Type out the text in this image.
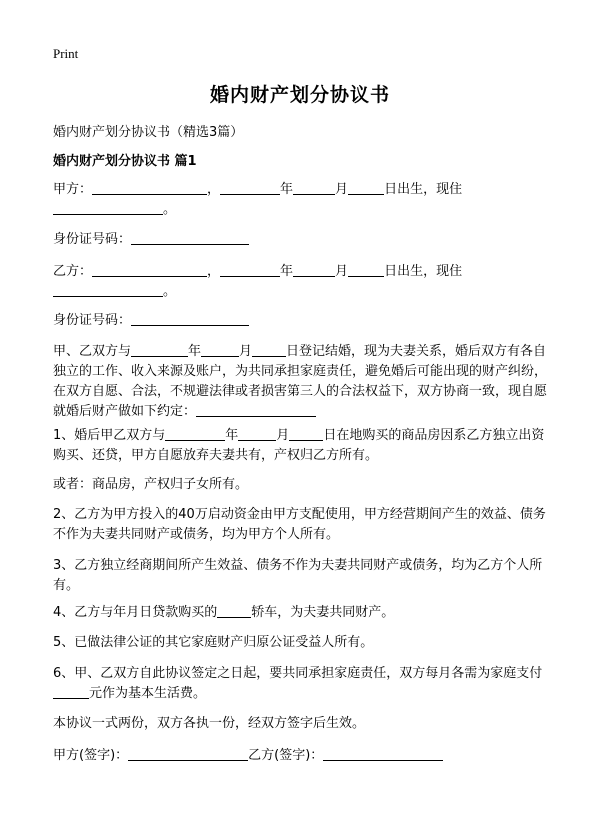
Print
婚内财产划分协议书
婚内财产划分协议书（精选3篇）
婚内财产划分协议书 篇1

甲方：	，	年	月	日出生，现住
。

身份证号码：

乙方：	，	年	月	日出生，现住
。

身份证号码：

甲、乙双方与	年	月	日登记结婚，现为夫妻关系，婚后双方有各自独立的工作、收入来源及账户，为共同承担家庭责任，避免婚后可能出现的财产纠纷，在双方自愿、合法，不规避法律或者损害第三人的合法权益下，双方协商一致，现自愿就婚后财产做如下约定：

1、婚后甲乙双方与	年	月	日在地购买的商品房因系乙方独立出资购买、还贷，甲方自愿放弃夫妻共有，产权归乙方所有。

或者：商品房，产权归子女所有。

2、乙方为甲方投入的40万启动资金由甲方支配使用，甲方经营期间产生的效益、债务不作为夫妻共同财产或债务，均为甲方个人所有。

3、乙方独立经商期间所产生效益、债务不作为夫妻共同财产或债务，均为乙方个人所有。

4、乙方与年月日贷款购买的	轿车，为夫妻共同财产。

5、已做法律公证的其它家庭财产归原公证受益人所有。

6、甲、乙双方自此协议签定之日起，要共同承担家庭责任，双方每月各需为家庭支付元作为基本生活费。

本协议一式两份，双方各执一份，经双方签字后生效。

甲方(签字)：	乙方(签字)：
